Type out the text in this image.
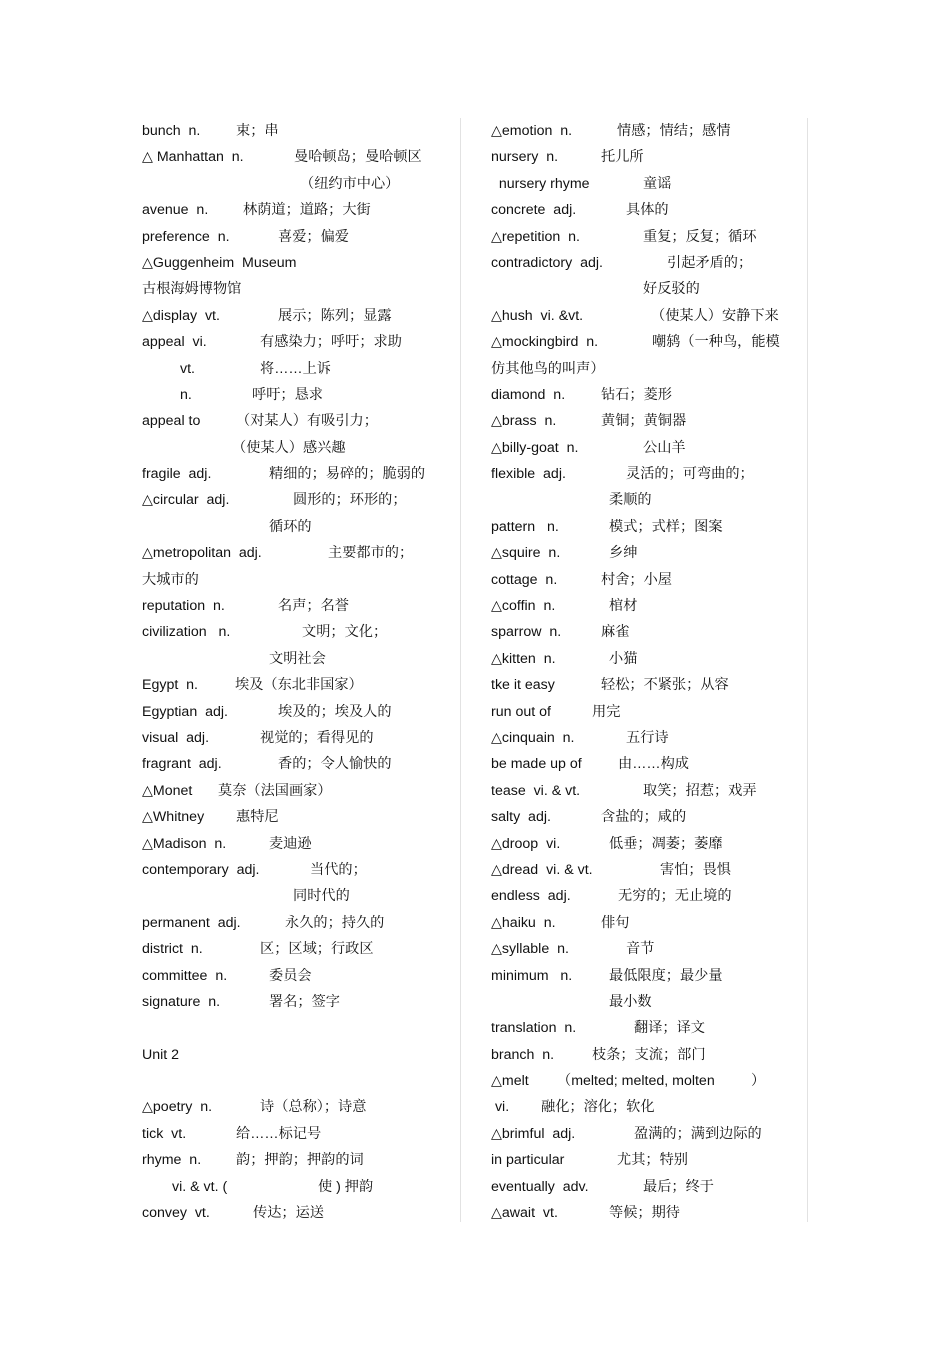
bunch  n.	束；串
△ Manhattan  n.	曼哈顿岛；曼哈顿区
（纽约市中心）
avenue  n. 林荫道；道路；大街
preference  n.	喜爱；偏爱
△Guggenheim  Museum
古根海姆博物馆
△display  vt.	展示；陈列；显露
appeal  vi.	有感染力；呼吁；求助
vt.	将……上诉
n.	呼吁；恳求
appeal to	（对某人）有吸引力；
（使某人）感兴趣
fragile  adj.	精细的；易碎的；脆弱的
△circular  adj.	圆形的；环形的；
循环的
△metropolitan  adj.	主要都市的；
大城市的
reputation  n.	名声；名誉
civilization   n.	文明；文化；
文明社会
Egypt  n.	埃及（东北非国家）
Egyptian  adj.	埃及的；埃及人的
visual  adj.	视觉的；看得见的
fragrant  adj.	香的；令人愉快的
△Monet 莫奈（法国画家）
△Whitney 惠特尼
△Madison  n.	麦迪逊
contemporary  adj.	当代的；
同时代的
permanent  adj.	永久的；持久的
district  n.	区；区域；行政区
committee  n.	委员会
signature  n.	署名；签字
Unit 2
△poetry  n.	诗（总称）；诗意
tick  vt.	给……标记号
rhyme  n. 韵；押韵；押韵的词
vi. & vt. (	使 ) 押韵
convey  vt.	传达；运送
△emotion  n.	情感；情结；感情
nursery  n.	托儿所
nursery rhyme	童谣
concrete  adj.	具体的
△repetition  n.	重复；反复；循环
contradictory  adj.	引起矛盾的；
好反驳的
△hush  vi. &vt.	（使某人）安静下来
△mockingbird  n.	嘲鸫（一种鸟，能模
仿其他鸟的叫声）
diamond  n.	钻石；菱形
△brass  n.	黄铜；黄铜器
△billy-goat  n.	公山羊
flexible  adj.	灵活的；可弯曲的；
柔顺的
pattern   n.	模式；式样；图案
△squire  n.	乡绅
cottage  n.	村舍；小屋
△coffin  n.	棺材
sparrow  n.	麻雀
△kitten  n.	小猫
tke it easy	轻松；不紧张；从容
run out of	用完
△cinquain  n.	五行诗
be made up of	由……构成
tease  vi. & vt.	取笑；招惹；戏弄
salty  adj.	含盐的；咸的
△droop  vi.	低垂；凋萎；萎靡
△dread  vi. & vt.	害怕；畏惧
endless  adj.	无穷的；无止境的
△haiku  n.	俳句
△syllable  n.	音节
minimum   n.	最低限度；最少量
最小数
translation  n.	翻译；译文
branch  n.	枝条；支流；部门
△melt （melted; melted, molten	）
vi. 融化；溶化；软化
△brimful  adj.	盈满的；满到边际的
in particular	尤其；特别
eventually  adv.	最后；终于
△await  vt.	等候；期待
